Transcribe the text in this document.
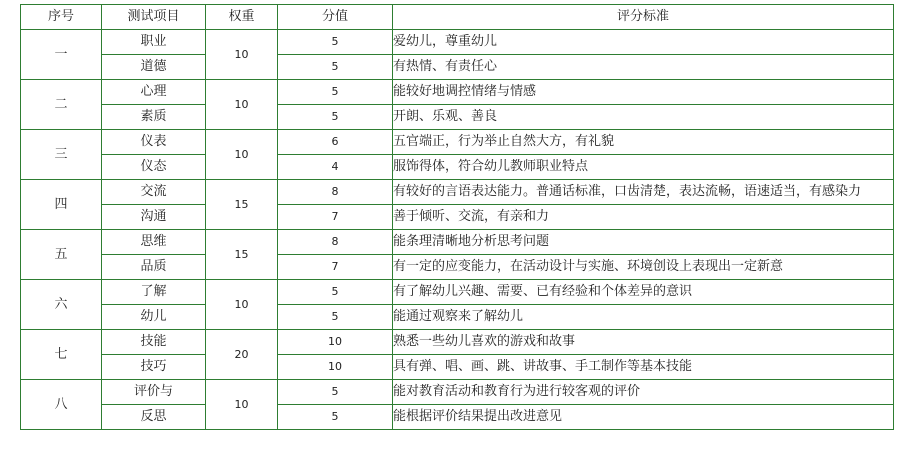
序号	测试项目	权重	分值	评分标准
一	职业	10	5	爱幼儿，尊重幼儿
	道德		5	有热情、有责任心
二	心理	10	5	能较好地调控情绪与情感
	素质		5	开朗、乐观、善良
三	仪表	10	6	五官端正，行为举止自然大方，有礼貌
	仪态		4	服饰得体，符合幼儿教师职业特点
四	交流	15	8	有较好的言语表达能力。普通话标准，口齿清楚，表达流畅，语速适当，有感染力
	沟通		7	善于倾听、交流，有亲和力
五	思维	15	8	能条理清晰地分析思考问题
	品质		7	有一定的应变能力，在活动设计与实施、环境创设上表现出一定新意
六	了解	10	5	有了解幼儿兴趣、需要、已有经验和个体差异的意识
	幼儿		5	能通过观察来了解幼儿
七	技能	20	10	熟悉一些幼儿喜欢的游戏和故事
	技巧		10	具有弹、唱、画、跳、讲故事、手工制作等基本技能
八	评价与	10	5	能对教育活动和教育行为进行较客观的评价
	反思		5	能根据评价结果提出改进意见
